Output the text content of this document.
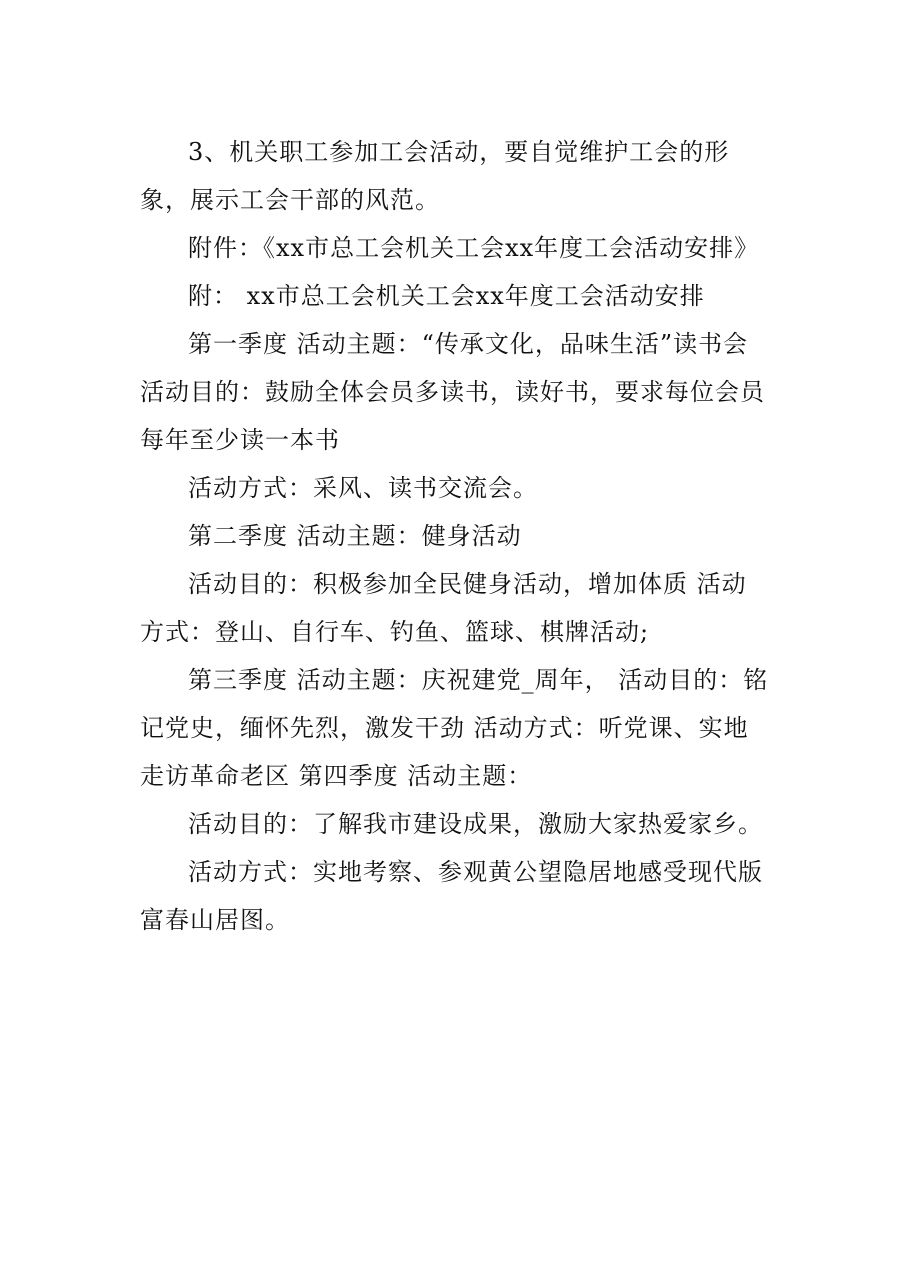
3、机关职工参加工会活动，要自觉维护工会的形象，展示工会干部的风范。

附件：《xx市总工会机关工会xx年度工会活动安排》

附： xx市总工会机关工会xx年度工会活动安排

第一季度 活动主题：“传承文化，品味生活”读书会

活动目的：鼓励全体会员多读书，读好书，要求每位会员每年至少读一本书

活动方式：采风、读书交流会。

第二季度 活动主题：健身活动

活动目的：积极参加全民健身活动，增加体质 活动方式：登山、自行车、钓鱼、篮球、棋牌活动;

第三季度 活动主题：庆祝建党_周年， 活动目的：铭记党史，缅怀先烈，激发干劲 活动方式：听党课、实地走访革命老区 第四季度 活动主题：

活动目的：了解我市建设成果，激励大家热爱家乡。

活动方式：实地考察、参观黄公望隐居地感受现代版富春山居图。
